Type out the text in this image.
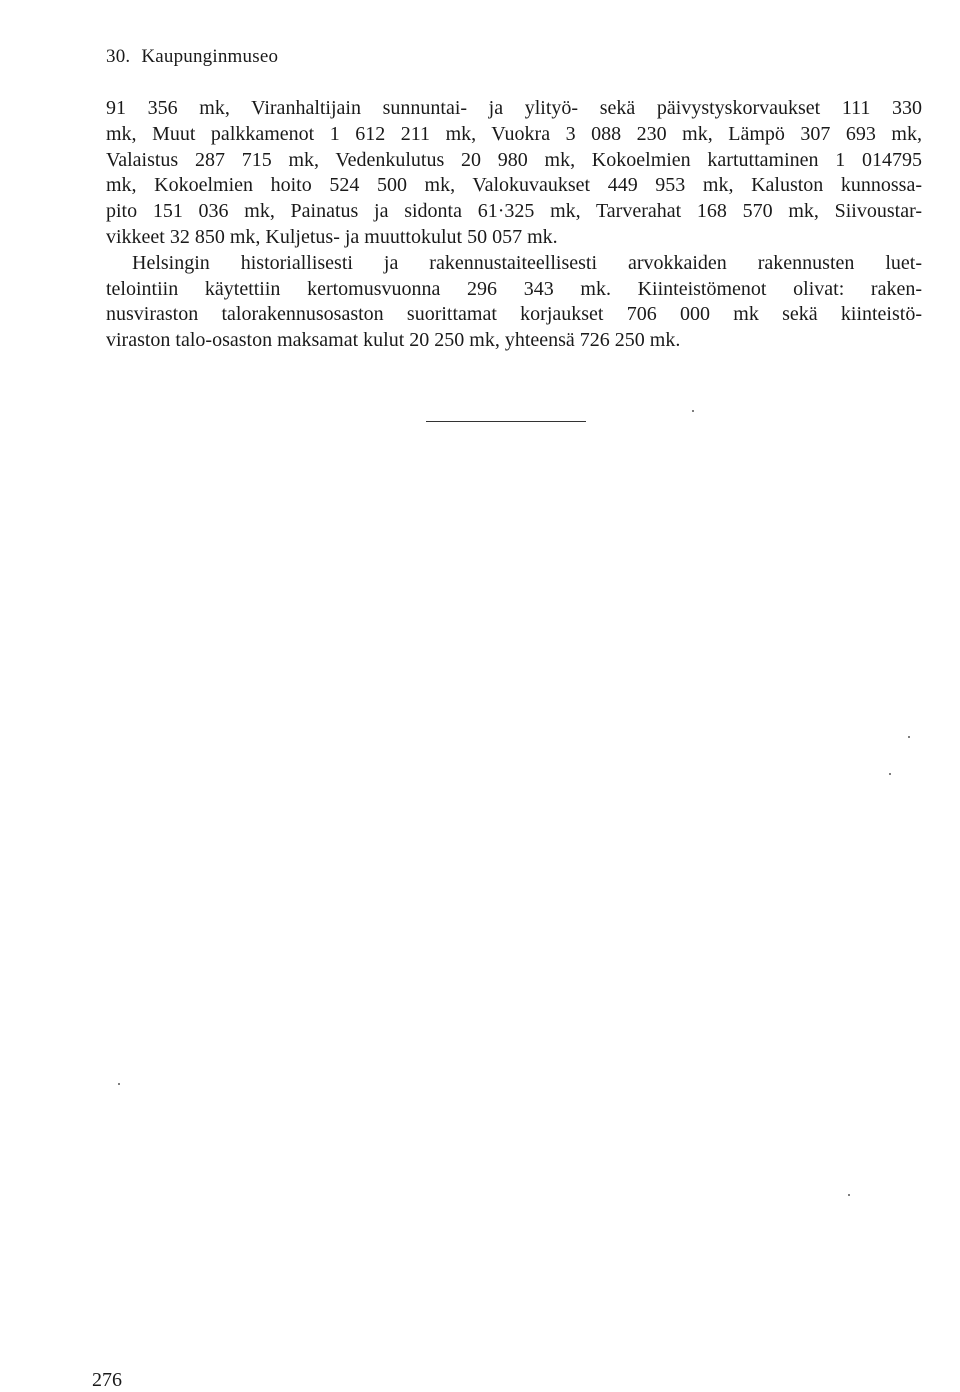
30. Kaupunginmuseo
91 356 mk, Viranhaltijain sunnuntai- ja ylityö- sekä päivystyskorvaukset 111 330
mk, Muut palkkamenot 1 612 211 mk, Vuokra 3 088 230 mk, Lämpö 307 693 mk,
Valaistus 287 715 mk, Vedenkulutus 20 980 mk, Kokoelmien kartuttaminen 1 014795
mk, Kokoelmien hoito 524 500 mk, Valokuvaukset 449 953 mk, Kaluston kunnossa-
pito 151 036 mk, Painatus ja sidonta 61·325 mk, Tarverahat 168 570 mk, Siivoustar-
vikkeet 32 850 mk, Kuljetus- ja muuttokulut 50 057 mk.
Helsingin historiallisesti ja rakennustaiteellisesti arvokkaiden rakennusten luet-
telointiin käytettiin kertomusvuonna 296 343 mk. Kiinteistömenot olivat: raken-
nusviraston talorakennusosaston suorittamat korjaukset 706 000 mk sekä kiinteistö-
viraston talo-osaston maksamat kulut 20 250 mk, yhteensä 726 250 mk.
276
